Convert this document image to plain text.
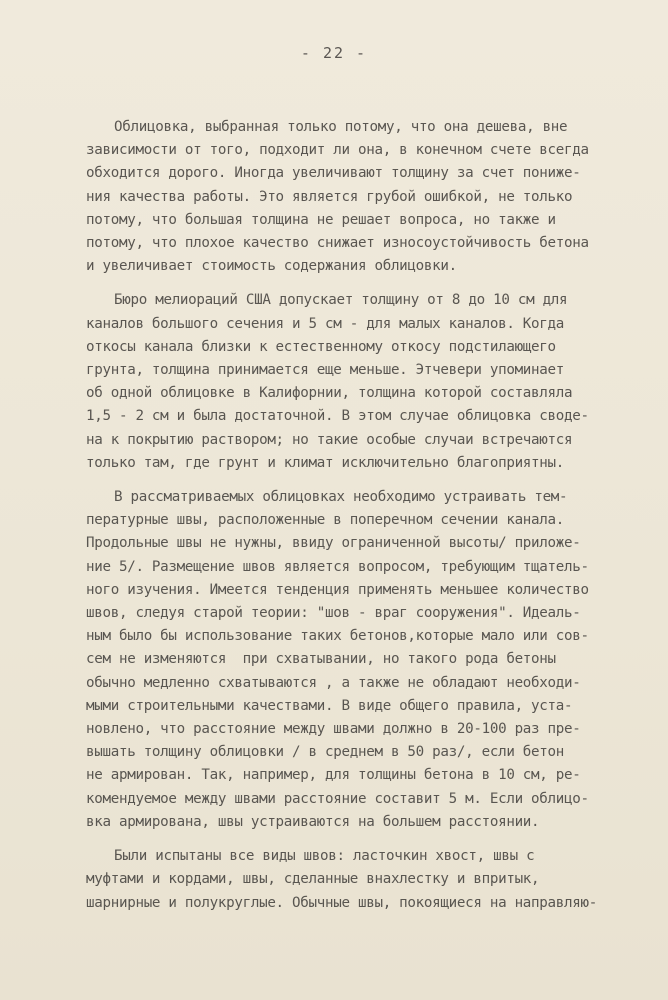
- 22 -
Облицовка, выбранная только потому, что она дешева, вне
зависимости от того, подходит ли она, в конечном счете всегда
обходится дорого. Иногда увеличивают толщину за счет пониже-
ния качества работы. Это является грубой ошибкой, не только
потому, что большая толщина не решает вопроса, но также и
потому, что плохое качество снижает износоустойчивость бетона
и увеличивает стоимость содержания облицовки.
Бюро мелиораций США допускает толщину от 8 до 10 см для
каналов большого сечения и 5 см - для малых каналов. Когда
откосы канала близки к естественному откосу подстилающего
грунта, толщина принимается еще меньше. Этчевери упоминает
об одной облицовке в Калифорнии, толщина которой составляла
1,5 - 2 см и была достаточной. В этом случае облицовка своде-
на к покрытию раствором; но такие особые случаи встречаются
только там, где грунт и климат исключительно благоприятны.
В рассматриваемых облицовках необходимо устраивать тем-
пературные швы, расположенные в поперечном сечении канала.
Продольные швы не нужны, ввиду ограниченной высоты/ приложе-
ние 5/. Размещение швов является вопросом, требующим тщатель-
ного изучения. Имеется тенденция применять меньшее количество
швов, следуя старой теории: "шов - враг сооружения". Идеаль-
ным было бы использование таких бетонов,которые мало или сов-
сем не изменяются  при схватывании, но такого рода бетоны
обычно медленно схватываются , а также не обладают необходи-
мыми строительными качествами. В виде общего правила, уста-
новлено, что расстояние между швами должно в 20-100 раз пре-
вышать толщину облицовки / в среднем в 50 раз/, если бетон
не армирован. Так, например, для толщины бетона в 10 см, ре-
комендуемое между швами расстояние составит 5 м. Если облицо-
вка армирована, швы устраиваются на большем расстоянии.
Были испытаны все виды швов: ласточкин хвост, швы с
муфтами и кордами, швы, сделанные внахлестку и впритык,
шарнирные и полукруглые. Обычные швы, покоящиеся на направляю-
